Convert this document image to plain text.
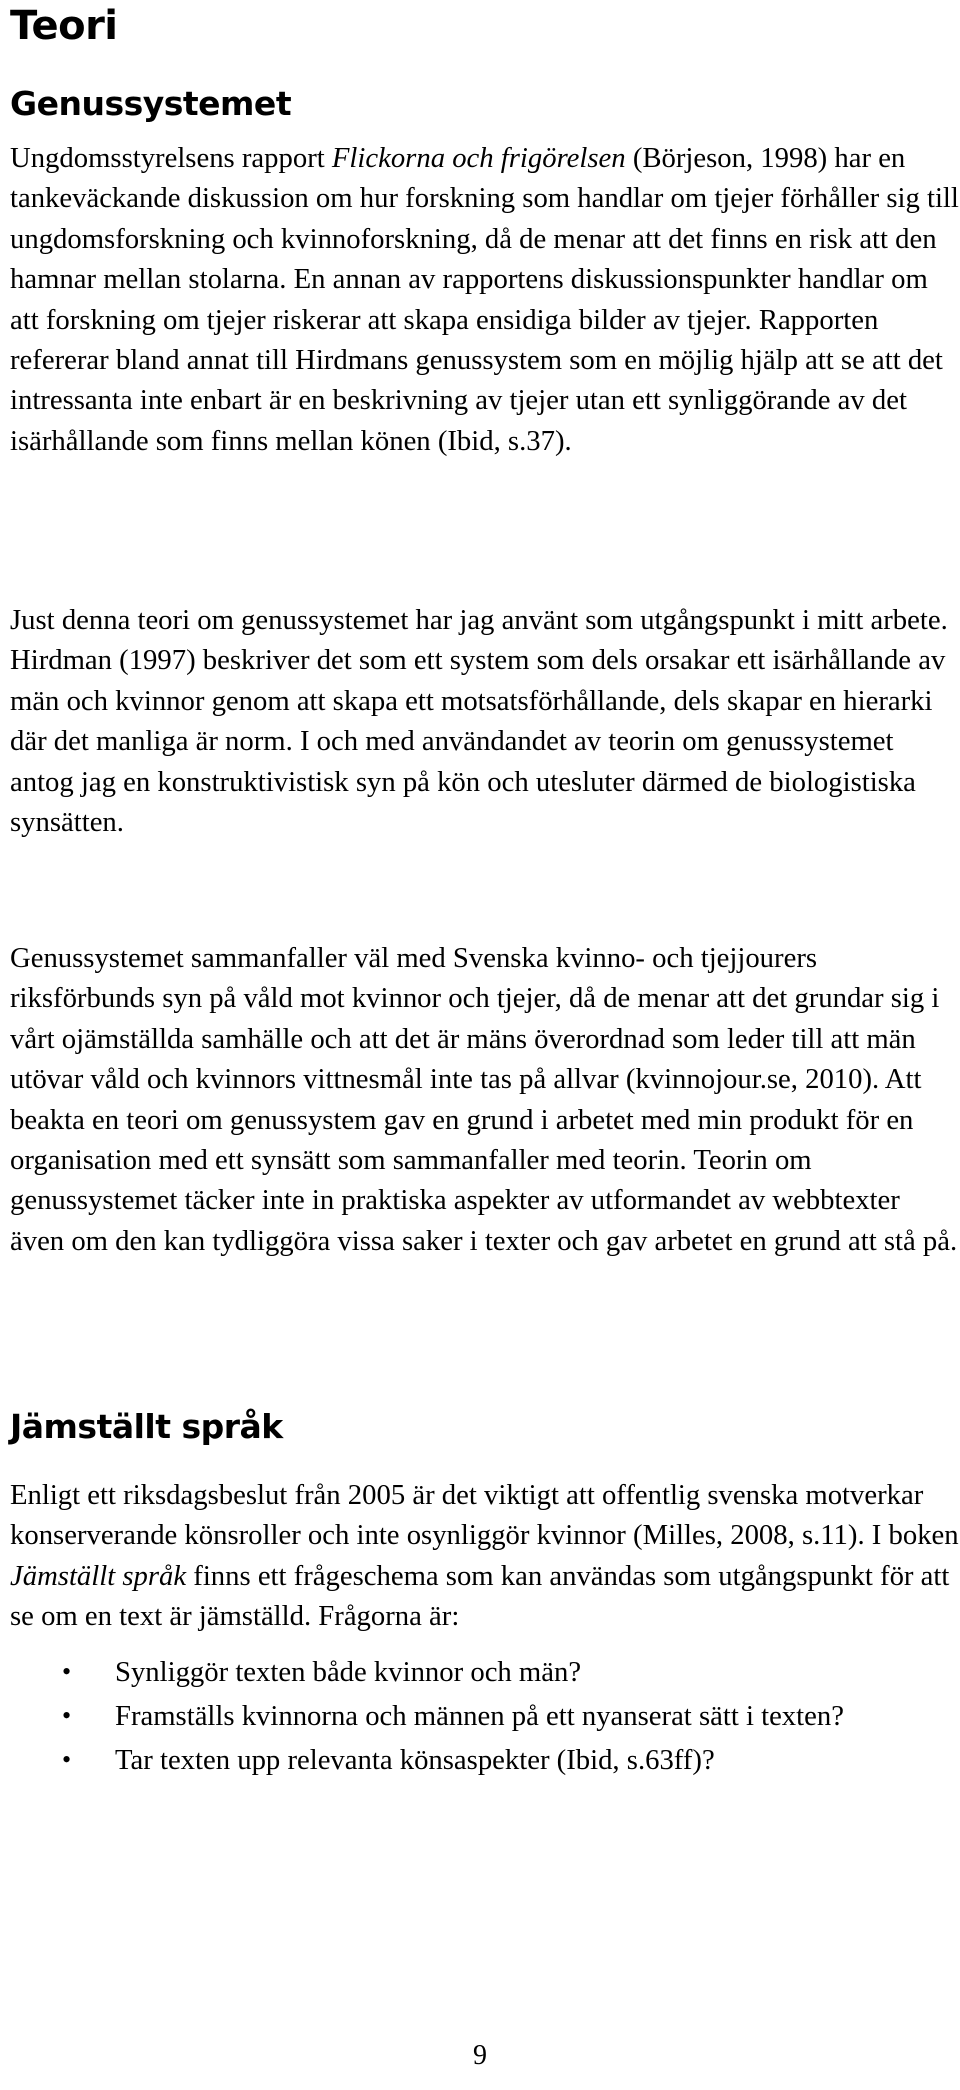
Teori
Genussystemet

Ungdomsstyrelsens rapport Flickorna och frigörelsen (Börjeson, 1998) har en tankeväckande diskussion om hur forskning som handlar om tjejer förhåller sig till ungdomsforskning och kvinnoforskning, då de menar att det finns en risk att den hamnar mellan stolarna. En annan av rapportens diskussionspunkter handlar om att forskning om tjejer riskerar att skapa ensidiga bilder av tjejer. Rapporten refererar bland annat till Hirdmans genussystem som en möjlig hjälp att se att det intressanta inte enbart är en beskrivning av tjejer utan ett synliggörande av det isärhållande som finns mellan könen (Ibid, s.37).

Just denna teori om genussystemet har jag använt som utgångspunkt i mitt arbete. Hirdman (1997) beskriver det som ett system som dels orsakar ett isärhållande av män och kvinnor genom att skapa ett motsatsförhållande, dels skapar en hierarki där det manliga är norm. I och med användandet av teorin om genussystemet antog jag en konstruktivistisk syn på kön och utesluter därmed de biologistiska synsätten.

Genussystemet sammanfaller väl med Svenska kvinno- och tjejjourers riksförbunds syn på våld mot kvinnor och tjejer, då de menar att det grundar sig i vårt ojämställda samhälle och att det är mäns överordnad som leder till att män utövar våld och kvinnors vittnesmål inte tas på allvar (kvinnojour.se, 2010). Att beakta en teori om genussystem gav en grund i arbetet med min produkt för en organisation med ett synsätt som sammanfaller med teorin. Teorin om genussystemet täcker inte in praktiska aspekter av utformandet av webbtexter även om den kan tydliggöra vissa saker i texter och gav arbetet en grund att stå på.

Jämställt språk

Enligt ett riksdagsbeslut från 2005 är det viktigt att offentlig svenska motverkar konserverande könsroller och inte osynliggör kvinnor (Milles, 2008, s.11). I boken Jämställt språk finns ett frågeschema som kan användas som utgångspunkt för att se om en text är jämställd. Frågorna är:

• Synliggör texten både kvinnor och män?
• Framställs kvinnorna och männen på ett nyanserat sätt i texten?
• Tar texten upp relevanta könsaspekter (Ibid, s.63ff)?
9
